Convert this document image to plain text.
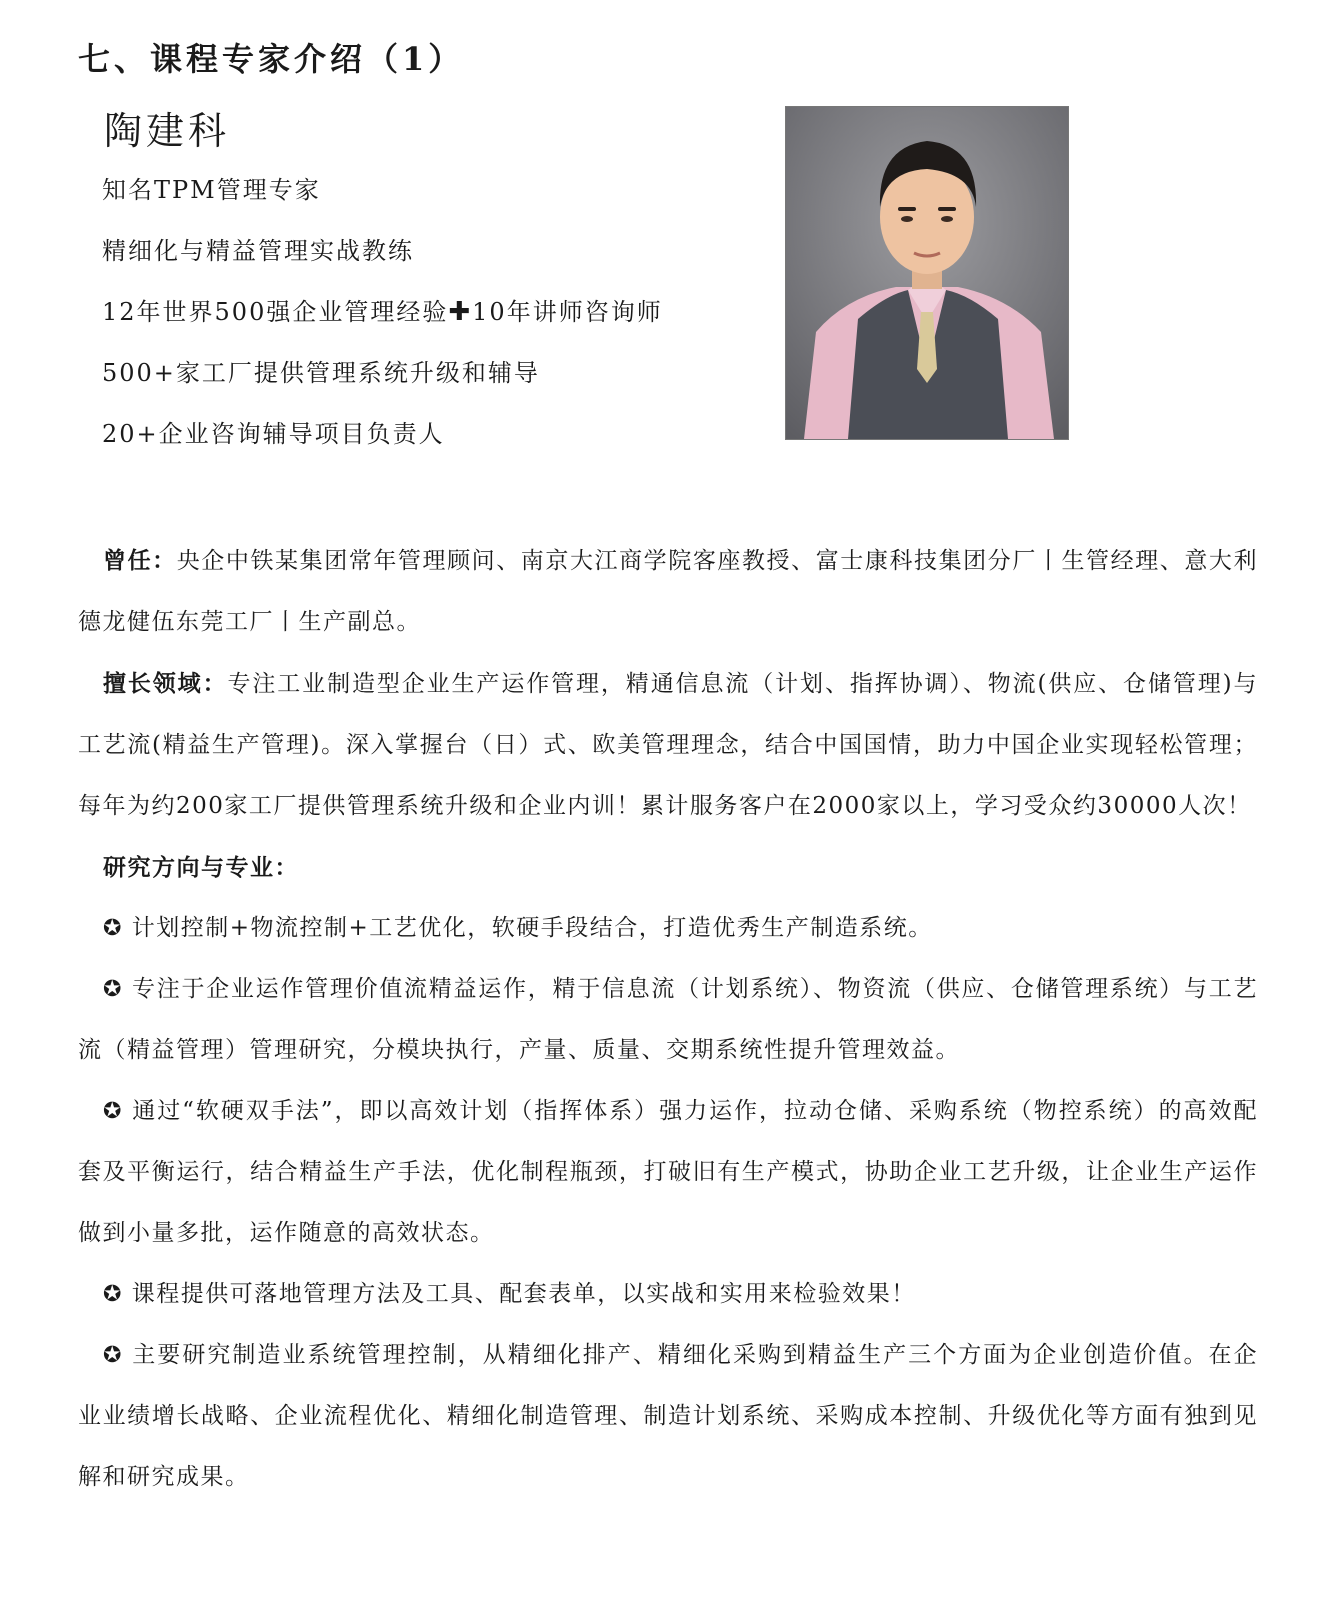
七、课程专家介绍（1）
陶建科
知名TPM管理专家
精细化与精益管理实战教练
12年世界500强企业管理经验✚10年讲师咨询师
500+家工厂提供管理系统升级和辅导
20+企业咨询辅导项目负责人

曾任：央企中铁某集团常年管理顾问、南京大江商学院客座教授、富士康科技集团分厂丨生管经理、意大利德龙健伍东莞工厂丨生产副总。

擅长领域：专注工业制造型企业生产运作管理，精通信息流（计划、指挥协调）、物流(供应、仓储管理)与工艺流(精益生产管理)。深入掌握台（日）式、欧美管理理念，结合中国国情，助力中国企业实现轻松管理；每年为约200家工厂提供管理系统升级和企业内训！累计服务客户在2000家以上，学习受众约30000人次！

研究方向与专业：

✪ 计划控制+物流控制+工艺优化，软硬手段结合，打造优秀生产制造系统。

✪ 专注于企业运作管理价值流精益运作，精于信息流（计划系统）、物资流（供应、仓储管理系统）与工艺流（精益管理）管理研究，分模块执行，产量、质量、交期系统性提升管理效益。

✪ 通过“软硬双手法”，即以高效计划（指挥体系）强力运作，拉动仓储、采购系统（物控系统）的高效配套及平衡运行，结合精益生产手法，优化制程瓶颈，打破旧有生产模式，协助企业工艺升级，让企业生产运作做到小量多批，运作随意的高效状态。

✪ 课程提供可落地管理方法及工具、配套表单，以实战和实用来检验效果！

✪ 主要研究制造业系统管理控制，从精细化排产、精细化采购到精益生产三个方面为企业创造价值。在企业业绩增长战略、企业流程优化、精细化制造管理、制造计划系统、采购成本控制、升级优化等方面有独到见解和研究成果。
